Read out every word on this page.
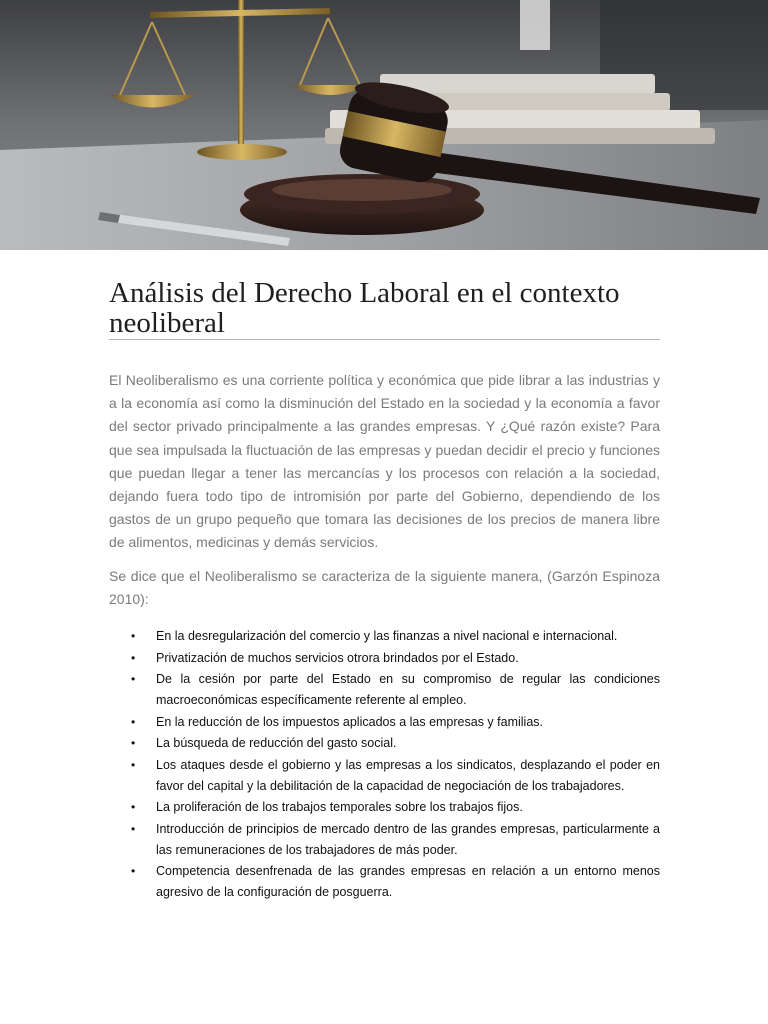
Análisis del Derecho Laboral en el contexto neoliberal

El Neoliberalismo es una corriente política y económica que pide librar a las industrias y a la economía así como la disminución del Estado en la sociedad y la economía a favor del sector privado principalmente a las grandes empresas. Y ¿Qué razón existe? Para que sea impulsada la fluctuación de las empresas y puedan decidir el precio y funciones que puedan llegar a tener las mercancías y los procesos con relación a la sociedad, dejando fuera todo tipo de intromisión por parte del Gobierno, dependiendo de los gastos de un grupo pequeño que tomara las decisiones de los precios de manera libre de alimentos, medicinas y demás servicios.

Se dice que el Neoliberalismo se caracteriza de la siguiente manera, (Garzón Espinoza 2010):

• En la desregularización del comercio y las finanzas a nivel nacional e internacional.
• Privatización de muchos servicios otrora brindados por el Estado.
• De la cesión por parte del Estado en su compromiso de regular las condiciones macroeconómicas específicamente referente al empleo.
• En la reducción de los impuestos aplicados a las empresas y familias.
• La búsqueda de reducción del gasto social.
• Los ataques desde el gobierno y las empresas a los sindicatos, desplazando el poder en favor del capital y la debilitación de la capacidad de negociación de los trabajadores.
• La proliferación de los trabajos temporales sobre los trabajos fijos.
• Introducción de principios de mercado dentro de las grandes empresas, particularmente a las remuneraciones de los trabajadores de más poder.
• Competencia desenfrenada de las grandes empresas en relación a un entorno menos agresivo de la configuración de posguerra.
